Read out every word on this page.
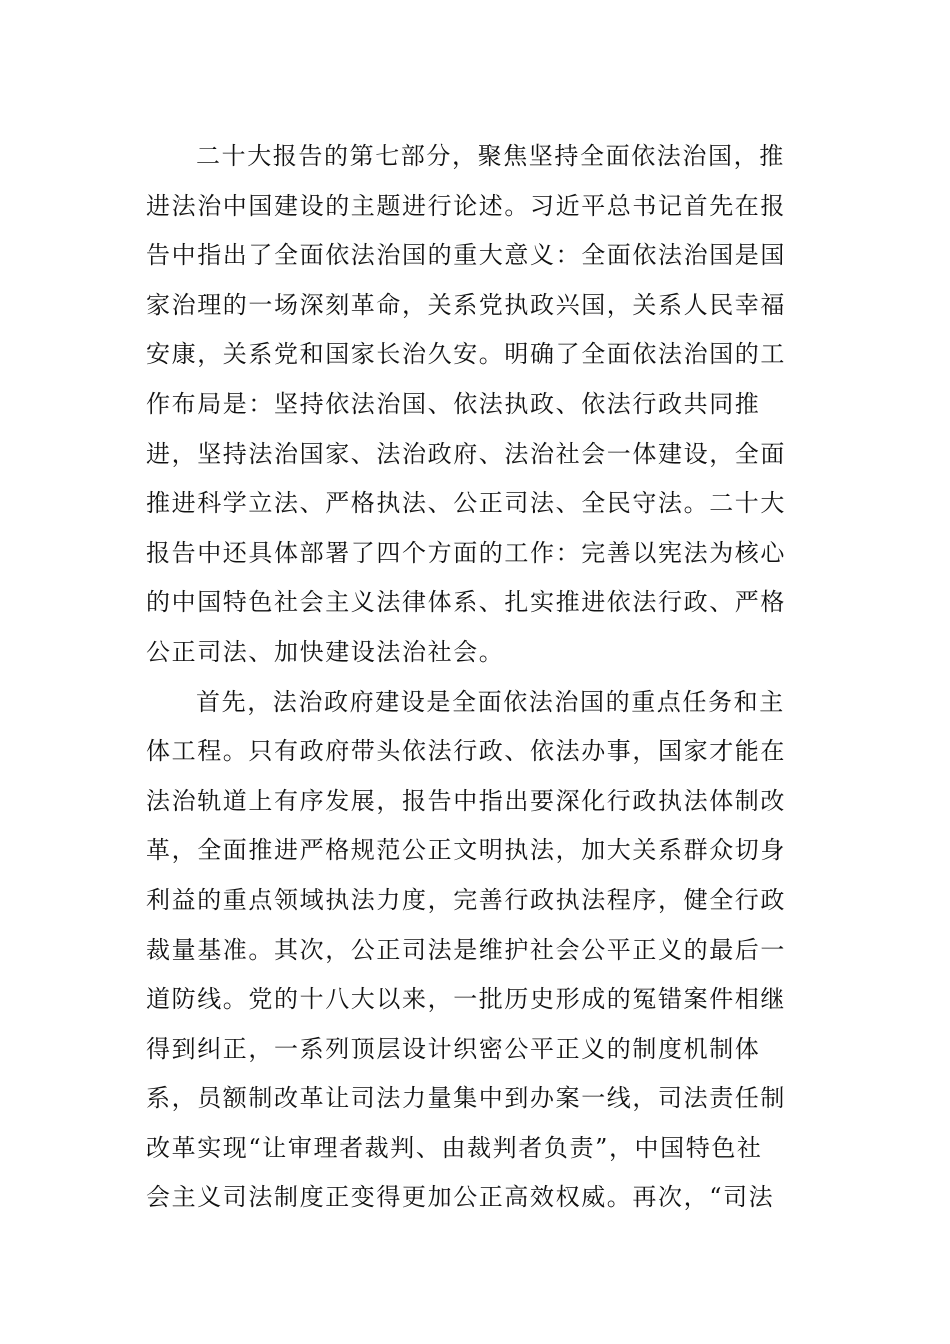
二十大报告的第七部分，聚焦坚持全面依法治国，推
进法治中国建设的主题进行论述。习近平总书记首先在报
告中指出了全面依法治国的重大意义：全面依法治国是国
家治理的一场深刻革命，关系党执政兴国，关系人民幸福
安康，关系党和国家长治久安。明确了全面依法治国的工
作布局是：坚持依法治国、依法执政、依法行政共同推
进，坚持法治国家、法治政府、法治社会一体建设，全面
推进科学立法、严格执法、公正司法、全民守法。二十大
报告中还具体部署了四个方面的工作：完善以宪法为核心
的中国特色社会主义法律体系、扎实推进依法行政、严格
公正司法、加快建设法治社会。
首先，法治政府建设是全面依法治国的重点任务和主
体工程。只有政府带头依法行政、依法办事，国家才能在
法治轨道上有序发展，报告中指出要深化行政执法体制改
革，全面推进严格规范公正文明执法，加大关系群众切身
利益的重点领域执法力度，完善行政执法程序，健全行政
裁量基准。其次，公正司法是维护社会公平正义的最后一
道防线。党的十八大以来，一批历史形成的冤错案件相继
得到纠正，一系列顶层设计织密公平正义的制度机制体
系，员额制改革让司法力量集中到办案一线，司法责任制
改革实现“让审理者裁判、由裁判者负责”，中国特色社
会主义司法制度正变得更加公正高效权威。再次，“司法
